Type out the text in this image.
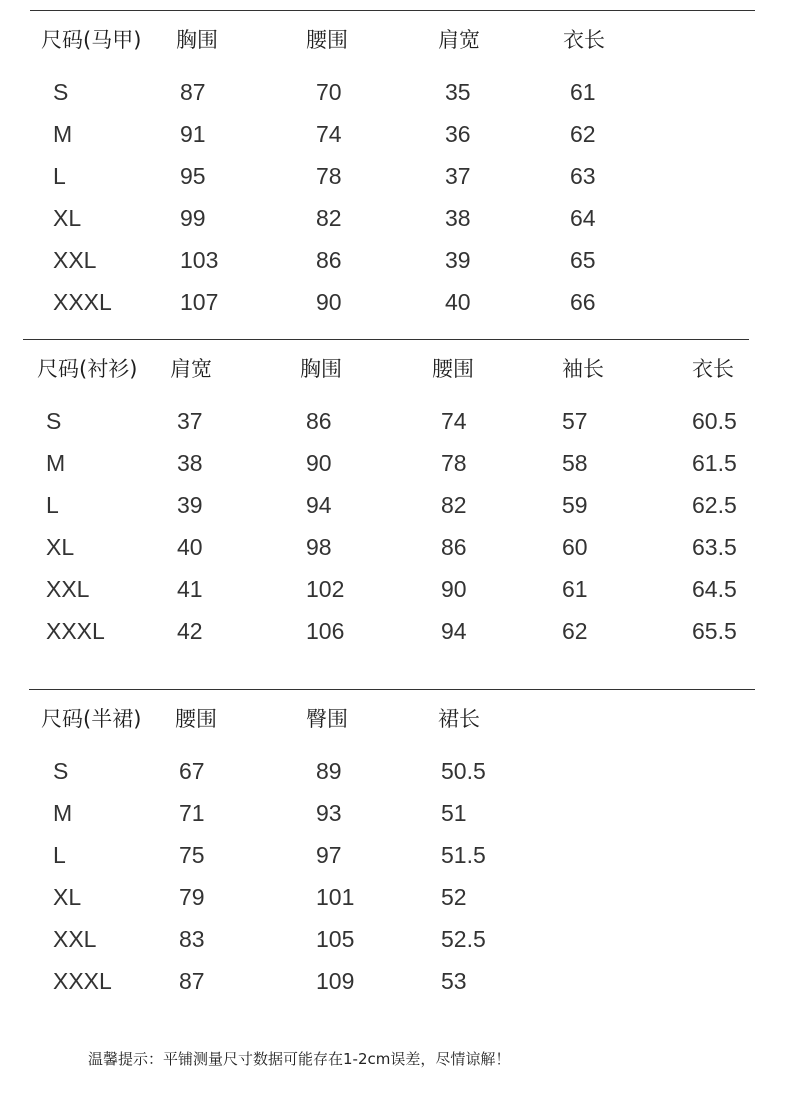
尺码(马甲) 胸围	腰围	肩宽	衣长
S	87	70	35	61
M	91	74	36	62
L	95	78	37	63
XL	99	82	38	64
XXL	103	86	39	65
XXXL	107	90	40	66
尺码(衬衫) 肩宽	胸围	腰围	袖长	衣长
S	37	86	74	57	60.5
M	38	90	78	58	61.5
L	39	94	82	59	62.5
XL	40	98	86	60	63.5
XXL	41	102	90	61	64.5
XXXL	42	106	94	62	65.5
尺码(半裙) 腰围	臀围	裙长
S	67	89	50.5
M	71	93	51
L	75	97	51.5
XL	79	101	52
XXL	83	105	52.5
XXXL	87	109	53
温馨提示：平铺测量尺寸数据可能存在1-2cm误差，尽情谅解！
